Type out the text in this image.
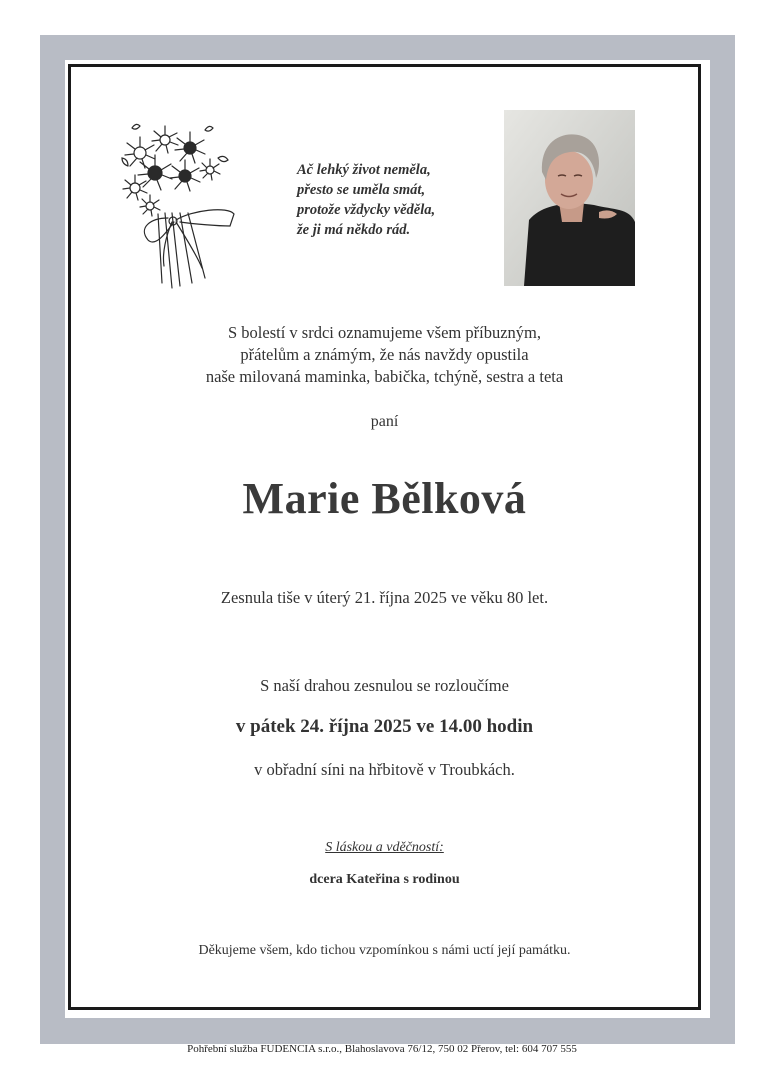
Ač lehký život neměla,
přesto se uměla smát,
protože vždycky věděla,
že ji má někdo rád.
S bolestí v srdci oznamujeme všem příbuzným,
přátelům a známým, že nás navždy opustila
naše milovaná maminka, babička, tchýně, sestra a teta
paní
Marie Bělková
Zesnula tiše v úterý 21. října 2025 ve věku 80 let.
S naší drahou zesnulou se rozloučíme
v pátek 24. října 2025 ve 14.00 hodin
v obřadní síni na hřbitově v Troubkách.
S láskou a vděčností:
dcera Kateřina s rodinou
Děkujeme všem, kdo tichou vzpomínkou s námi uctí její památku.
Pohřební služba FUDENCIA s.r.o., Blahoslavova 76/12, 750 02 Přerov, tel: 604 707 555
